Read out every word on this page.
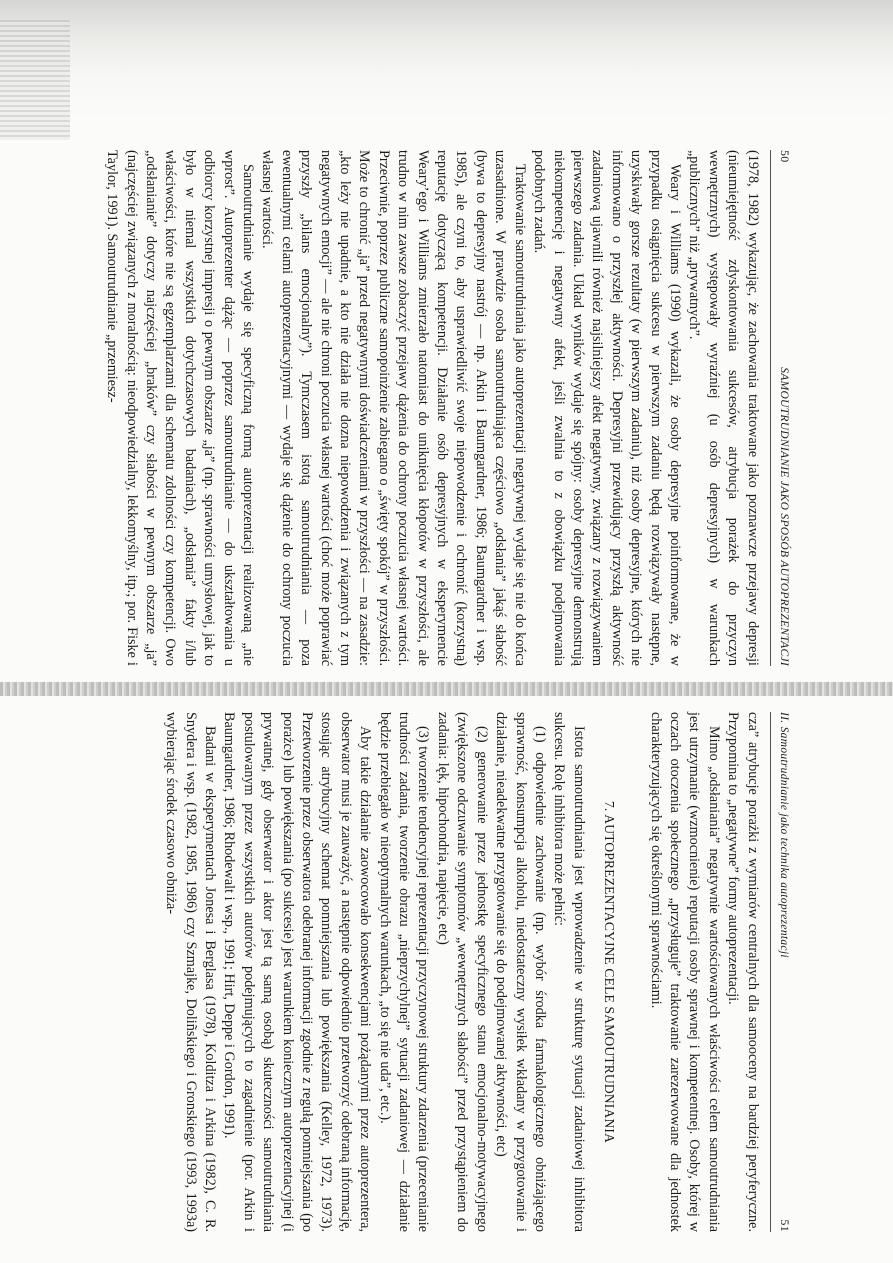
50
SAMOUTRUDNIANIE JAKO SPOSÓB AUTOPREZENTACJI

(1978, 1982) wykazując, że zachowania traktowane jako poznawcze przejawy depresji (nieumiejętność zdyskontowania sukcesów, atrybucja porażek do przyczyn wewnętrznych) występowały wyraźniej (u osób depresyjnych) w warunkach „publicznych” niż „prywatnych”.

Weary i Williams (1990) wykazali, że osoby depresyjne poinformowane, że w przypadku osiągnięcia sukcesu w pierwszym zadaniu będą rozwiązywały następne, uzyskiwały gorsze rezultaty (w pierwszym zadaniu), niż osoby depresyjne, których nie informowano o przyszłej aktywności. Depresyjni przewidujący przyszłą aktywność zadaniową ujawnili również najsilniejszy afekt negatywny, związany z rozwiązywaniem pierwszego zadania. Układ wyników wydaje się spójny: osoby depresyjne demonstrują niekompetencję i negatywny afekt, jeśli zwalnia to z obowiązku podejmowania podobnych zadań.

Traktowanie samoutrudniania jako autoprezentacji negatywnej wydaje się nie do końca uzasadnione. W prawdzie osoba samoutrudniająca częściowo „odsłania” jakąś słabość (bywa to depresyjny nastrój — np. Arkin i Baumgardner, 1986; Baumgardner i wsp. 1985), ale czyni to, aby usprawiedliwić swoje niepowodzenie i ochronić (korzystną) reputację dotyczącą kompetencji. Działanie osób depresyjnych w eksperymencie Weary’ego i Williams zmierzało natomiast do uniknięcia kłopotów w przyszłości, ale trudno w nim zawsze zobaczyć przejawy dążenia do ochrony poczucia własnej wartości. Przeciwnie, poprzez publiczne samopoinżenie zabiegano o „święty spokój” w przyszłości. Może to chronić „ja” przed negatywnymi doświadczeniami w przyszłości — na zasadzie: „kto leży nie upadnie, a kto nie działa nie dozna niepowodzenia i związanych z tym negatywnych emocji” — ale nie chroni poczucia własnej wartości (choć może poprawiać przyszły „bilans emocjonalny”). Tymczasem istotą samoutrudniania — poza ewentualnymi celami autoprezentacyjnymi — wydaje się dążenie do ochrony poczucia własnej wartości.

Samoutrudnianie wydaje się specyficzną formą autoprezentacji realizowaną „nie wprost”. Autoprezenter dążąc — poprzez samoutrudnianie — do ukształtowania u odbiorcy korzystnej impresji o pewnym obszarze „ja” (np. sprawności umysłowej, jak to było w niemal wszystkich dotychczasowych badaniach), „odsłania” fakty i/lub właściwości, które nie są egzemplarzami dla schematu zdolności czy kompetencji. Owo „odsłanianie” dotyczy najczęściej „braków” czy słabości w pewnym obszarze „ja” (najczęściej związanych z moralnością: nieodpowiedzialny, lekkomyślny, itp.; por. Fiske i Taylor, 1991). Samoutrudnianie „przemiesz-

II. Samoutrudnianie jako technika autoprezentacji
51

cza” atrybucje porażki z wymiarów centralnych dla samooceny na bardziej peryferyczne. Przypomina to „negatywne” formy autoprezentacji.

Mimo „odsłaniania” negatywnie wartościowanych właściwości celem samoutrudniania jest utrzymanie (wzmocnienie) reputacji osoby sprawnej i kompetentnej. Osoby, której w oczach otoczenia społecznego „przysługuje” traktowanie zarezerwowane dla jednostek charakteryzujących się określonymi sprawnościami.

7. AUTOPREZENTACYJNE CELE SAMOUTRUDNIANIA

Istota samoutrudniania jest wprowadzenie w strukturę sytuacji zadaniowej inhibitora sukcesu. Rolę inhibitora może pełnić:

(1) odpowiednie zachowanie (np. wybór środka farmakologicznego obniżającego sprawność, konsumpcja alkoholu, niedostateczny wysiłek wkładany w przygotowanie i działanie, nieadekwatne przygotowanie się do podejmowanej aktywności, etc)

(2) generowanie przez jednostkę specyficznego stanu emocjonalno-motywacyjnego (zwiększone odczuwanie symptomów „wewnętrznych słabości” przed przystąpieniem do zadania: lęk, hipochondria, napięcie, etc)

(3) tworzenie tendencyjnej reprezentacji przyczynowej struktury zdarzenia (przecenianie trudności zadania, tworzenie obrazu „nieprzychylnej” sytuacji zadaniowej — działanie będzie przebiegało w nieoptymalnych warunkach, „to się nie uda”, etc.).

Aby takie działanie zaowocowało konsekwencjami pożądanymi przez autoprezentera, obserwator musi je zauważyć, a następnie odpowiednio przetworzyć odebraną informację, stosując atrybucyjny schemat pomniejszania lub powiększania (Kelley, 1972, 1973). Przetworzenie przez obserwatora odebranej informacji zgodnie z regułą pomniejszania (po porażce) lub powiększania (po sukcesie) jest warunkiem koniecznym autoprezentacyjnej (i prywatnej, gdy obserwator i aktor jest tą samą osobą) skuteczności samoutrudniania postulowanym przez wszystkich autorów podejmujących to zagadnienie (por. Arkin i Baumgardner, 1986; Rhodewalt i wsp., 1991; Hirt, Deppe i Gordon, 1991).

Badani w eksperymentach Jonesa i Berglasa (1978), Kolditza i Arkina (1982), C. R. Snydera i wsp. (1982, 1985, 1986) czy Szmajke, Doliñskiego i Gronskiego (1993, 1993a) wybierając środek czasowo obniża-
